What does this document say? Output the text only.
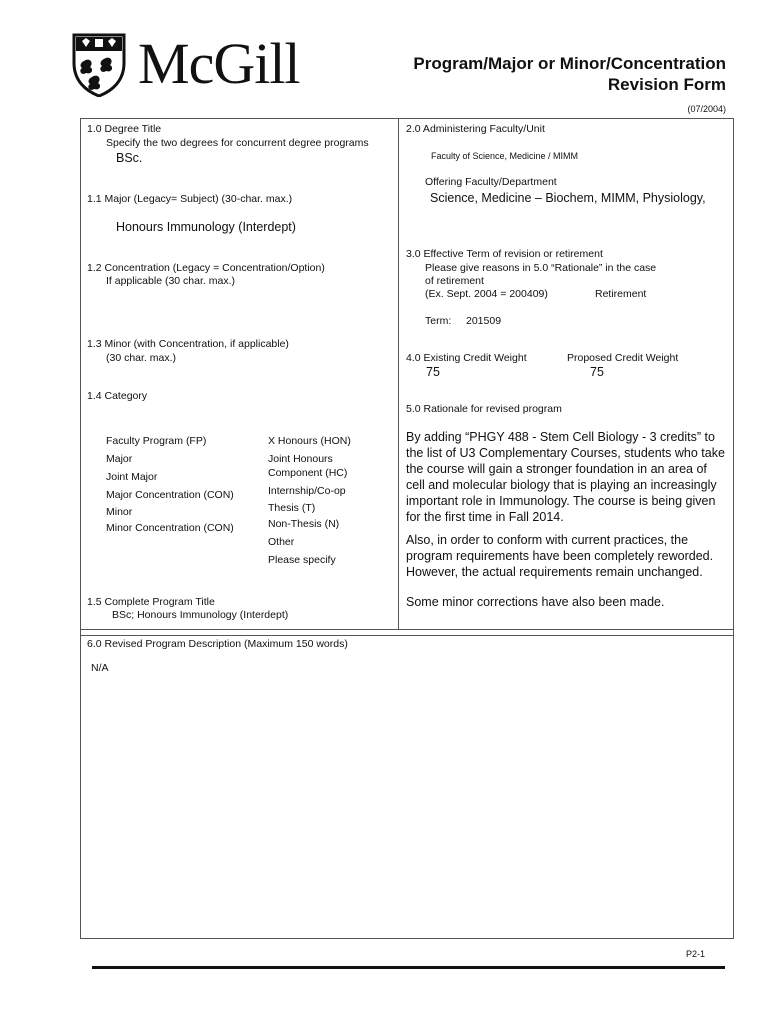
McGill	Program/Major or Minor/Concentration
Revision Form
(07/2004)
1.0 Degree Title
Specify the two degrees for concurrent degree programs
BSc.
1.1 Major (Legacy= Subject) (30-char. max.)
Honours Immunology (Interdept)
1.2 Concentration (Legacy = Concentration/Option)
If applicable (30 char. max.)
1.3 Minor (with Concentration, if applicable)
(30 char. max.)
1.4 Category
Faculty Program (FP)
Major
Joint Major
Major Concentration (CON)
Minor
Minor Concentration (CON)
X Honours (HON)
Joint Honours
Component (HC)
Internship/Co-op
Thesis (T)
Non-Thesis (N)
Other
Please specify
1.5 Complete Program Title
BSc; Honours Immunology (Interdept)
2.0 Administering Faculty/Unit
Faculty of Science, Medicine / MIMM
Offering Faculty/Department
Science, Medicine – Biochem, MIMM, Physiology,
3.0 Effective Term of revision or retirement
Please give reasons in 5.0 “Rationale” in the case
of retirement
(Ex. Sept. 2004 = 200409)	Retirement
Term: 201509
4.0 Existing Credit Weight
75
Proposed Credit Weight
75
5.0 Rationale for revised program
By adding “PHGY 488 - Stem Cell Biology - 3 credits” to the list of U3 Complementary Courses, students who take the course will gain a stronger foundation in an area of cell and molecular biology that is playing an increasingly important role in Immunology. The course is being given for the first time in Fall 2014.
Also, in order to conform with current practices, the program requirements have been completely reworded. However, the actual requirements remain unchanged.
Some minor corrections have also been made.
6.0 Revised Program Description (Maximum 150 words)
N/A
P2-1
